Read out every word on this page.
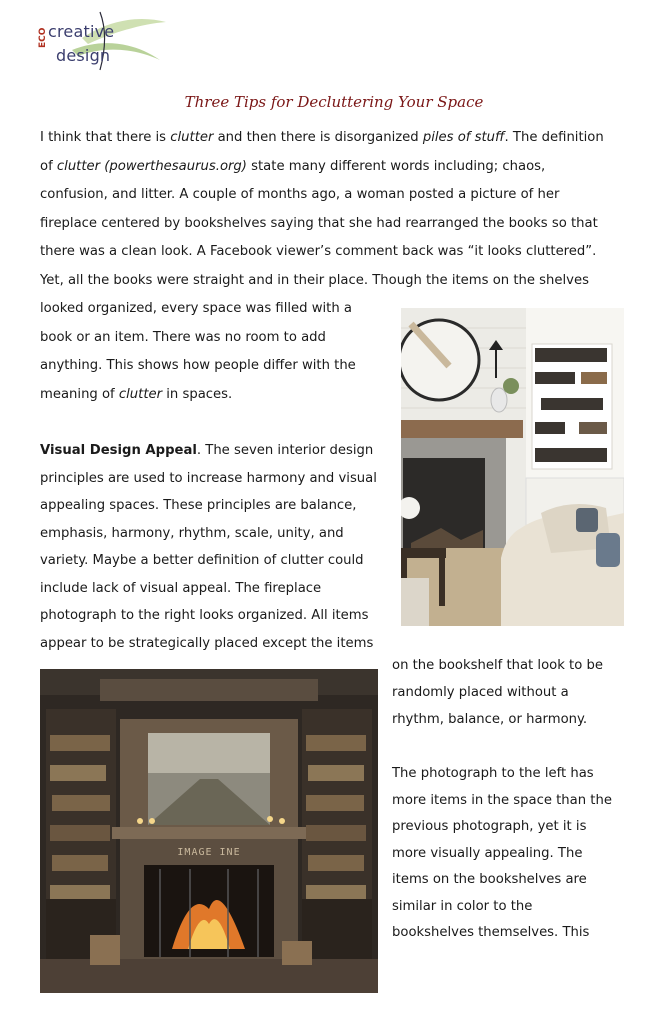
creative
design
ECO
Three Tips for Decluttering Your Space
I think that there is clutter and then there is disorganized piles of stuff. The definition
of clutter (powerthesaurus.org) state many different words including; chaos,
confusion, and litter. A couple of months ago, a woman posted a picture of her
fireplace centered by bookshelves saying that she had rearranged the books so that
there was a clean look. A Facebook viewer’s comment back was “it looks cluttered”.
Yet, all the books were straight and in their place. Though the items on the shelves
looked organized, every space was filled with a
book or an item. There was no room to add
anything. This shows how people differ with the
meaning of clutter in spaces.
Visual Design Appeal. The seven interior design
principles are used to increase harmony and visual
appealing spaces. These principles are balance,
emphasis, harmony, rhythm, scale, unity, and
variety. Maybe a better definition of clutter could
include lack of visual appeal. The fireplace
photograph to the right looks organized. All items
appear to be strategically placed except the items
on the bookshelf that look to be
randomly placed without a
rhythm, balance, or harmony.
The photograph to the left has
more items in the space than the
previous photograph, yet it is
more visually appealing. The
items on the bookshelves are
similar in color to the
bookshelves themselves. This
IMAGE INE
